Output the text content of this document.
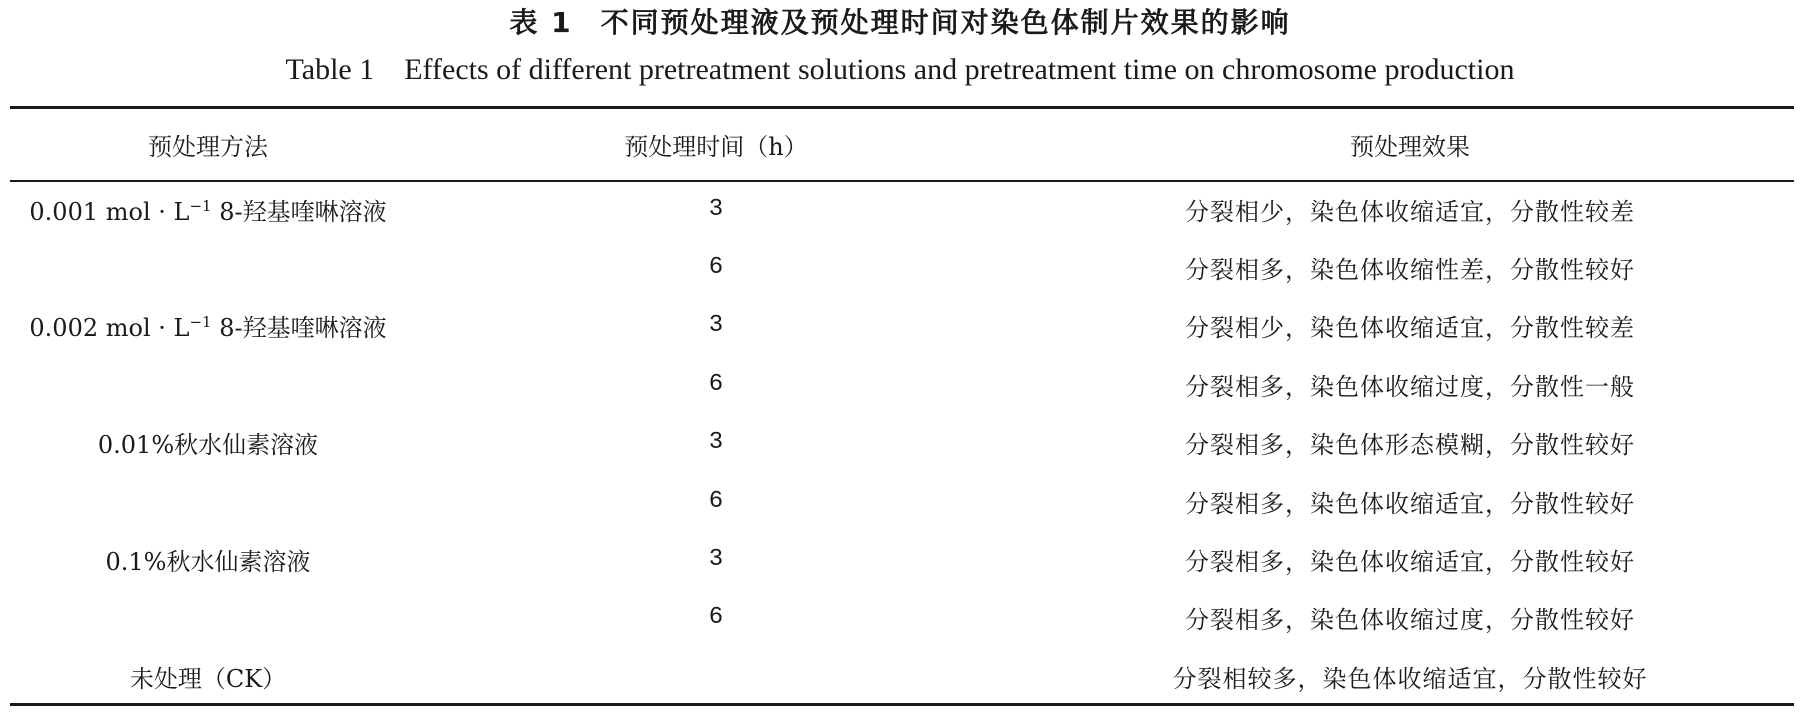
表 1 不同预处理液及预处理时间对染色体制片效果的影响
Table 1 Effects of different pretreatment solutions and pretreatment time on chromosome production
预处理方法	预处理时间（h）	预处理效果
0.001 mol · $L^{-1}$ 8-羟基喹啉溶液	3	分裂相少，染色体收缩适宜，分散性较差
	6	分裂相多，染色体收缩性差，分散性较好
0.002 mol · $L^{-1}$ 8-羟基喹啉溶液	3	分裂相少，染色体收缩适宜，分散性较差
	6	分裂相多，染色体收缩过度，分散性一般
0.01%秋水仙素溶液	3	分裂相多，染色体形态模糊，分散性较好
	6	分裂相多，染色体收缩适宜，分散性较好
0.1%秋水仙素溶液	3	分裂相多，染色体收缩适宜，分散性较好
	6	分裂相多，染色体收缩过度，分散性较好
未处理（CK）		分裂相较多，染色体收缩适宜，分散性较好
